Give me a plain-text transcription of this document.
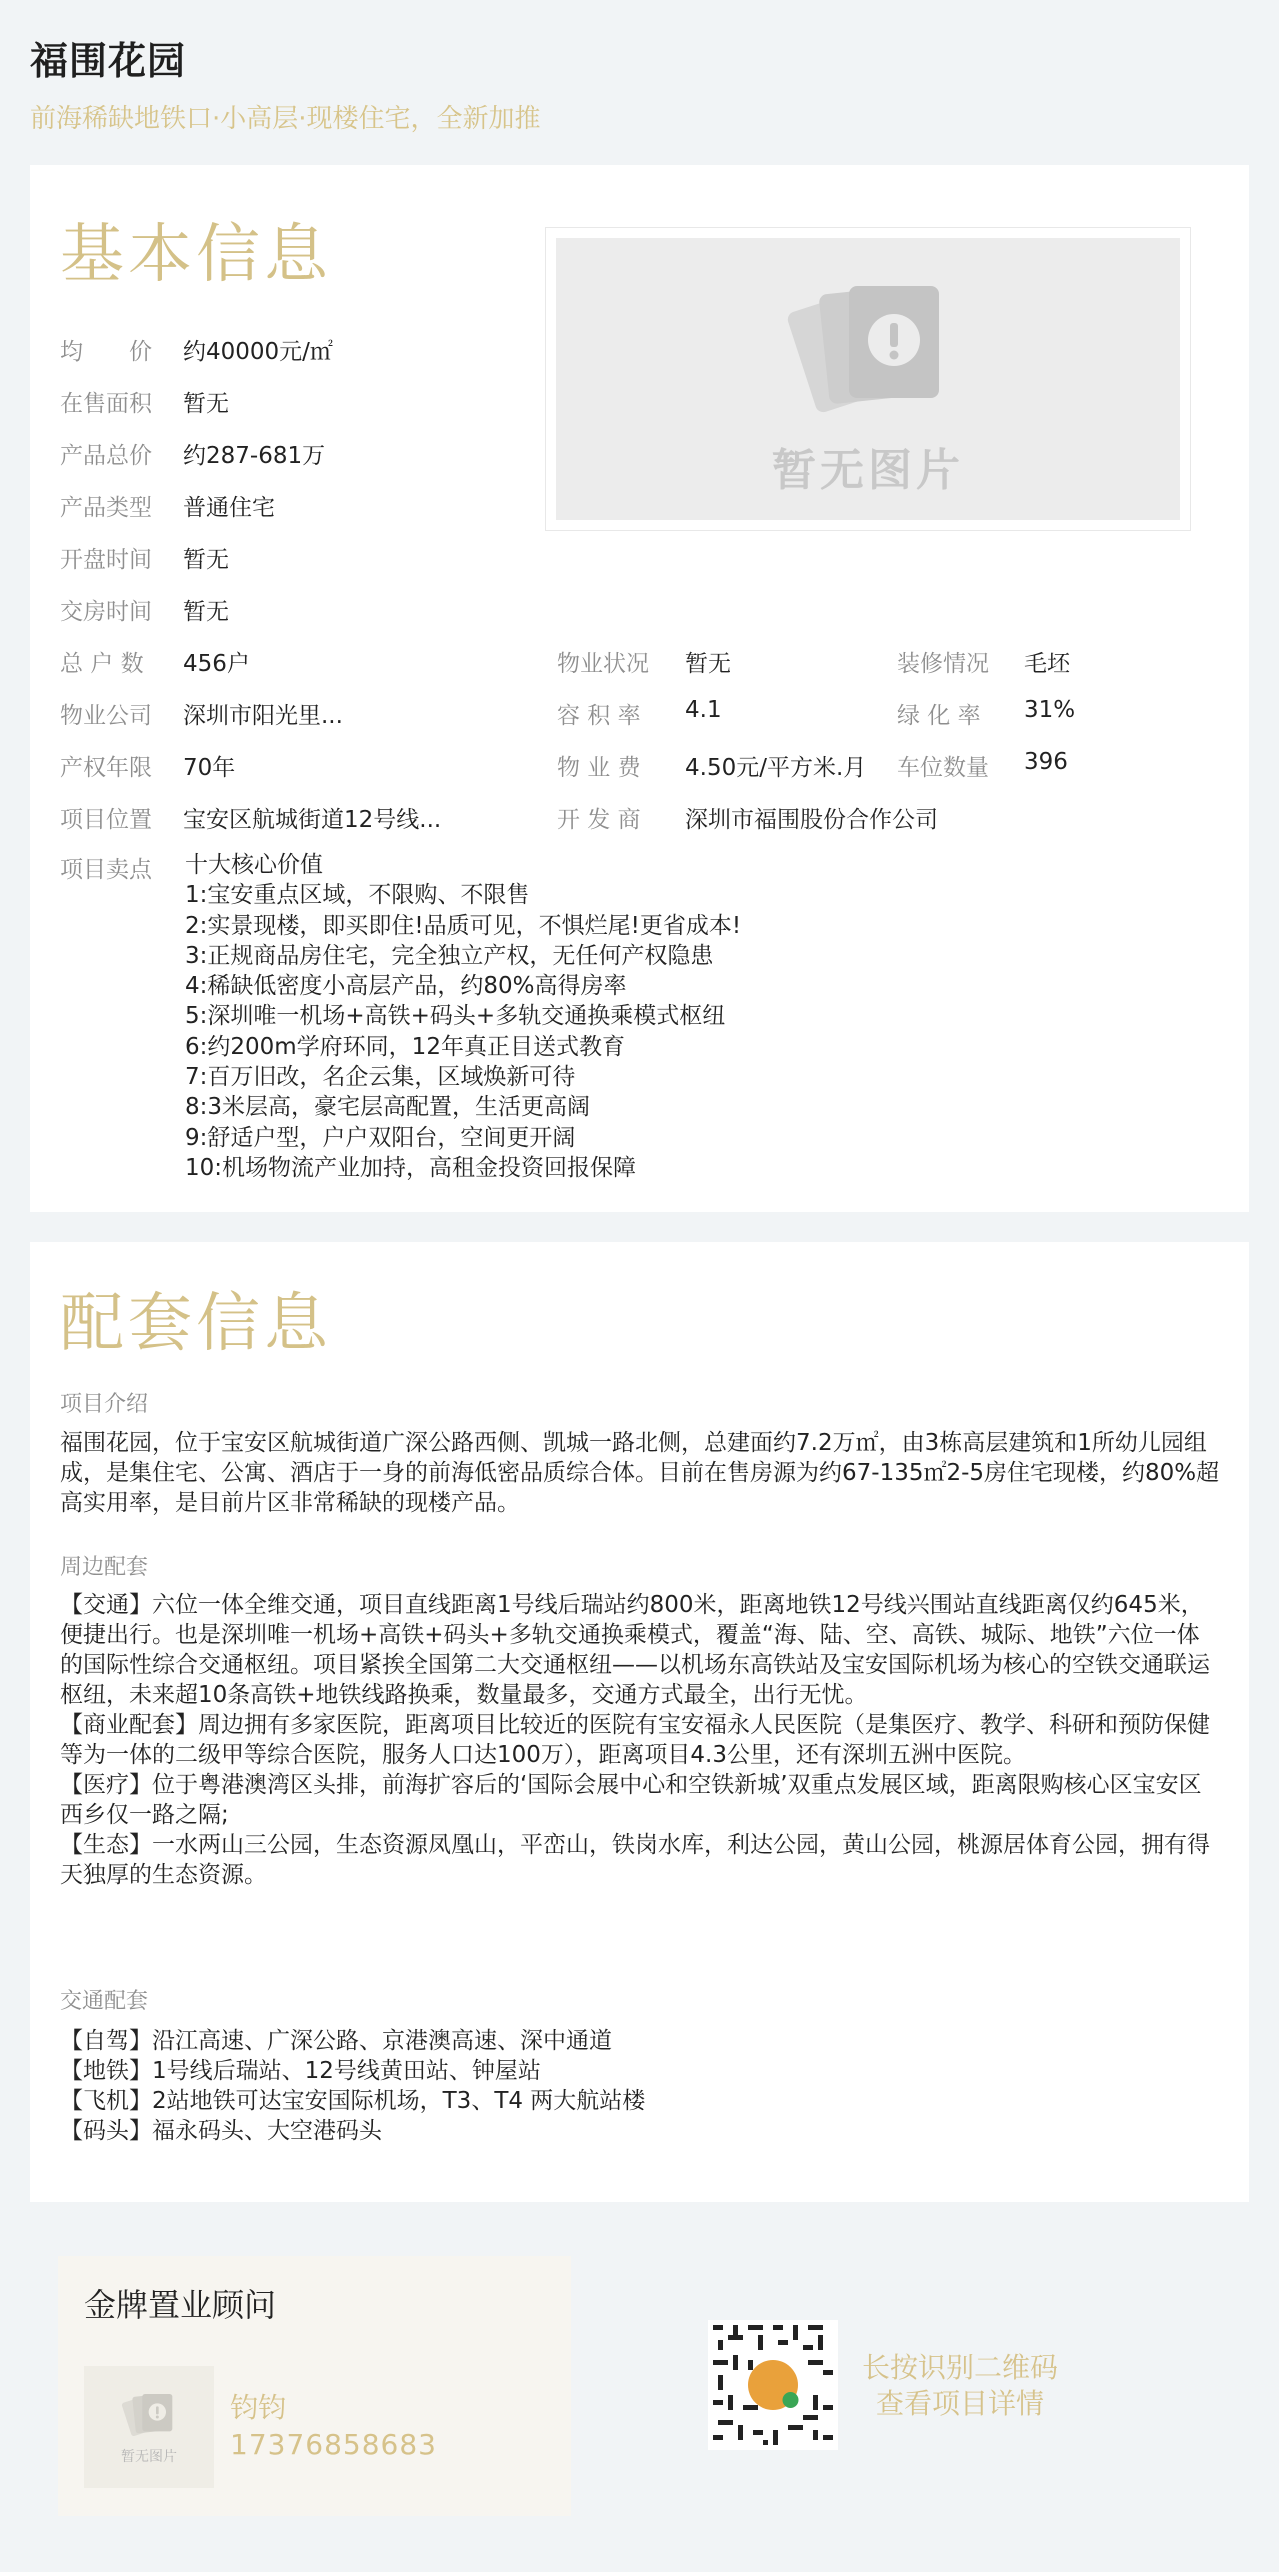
福围花园
前海稀缺地铁口·小高层·现楼住宅，全新加推
基本信息
暂无图片
均　　价 约40000元/㎡
在售面积 暂无
产品总价 约287-681万
产品类型 普通住宅
开盘时间 暂无
交房时间 暂无
总 户 数 456户	物业状况 暂无	装修情况 毛坯
物业公司 深圳市阳光里...	容 积 率 4.1	绿 化 率 31%
产权年限 70年	物 业 费 4.50元/平方米.月 车位数量 396
项目位置 宝安区航城街道12号线...	开 发 商 深圳市福围股份合作公司
项目卖点 十大核心价值
1:宝安重点区域，不限购、不限售
2:实景现楼，即买即住!品质可见，不惧烂尾!更省成本!
3:正规商品房住宅，完全独立产权，无任何产权隐患
4:稀缺低密度小高层产品，约80%高得房率
5:深圳唯一机场+高铁+码头+多轨交通换乘模式枢纽
6:约200m学府环同，12年真正目送式教育
7:百万旧改，名企云集，区域焕新可待
8:3米层高，豪宅层高配置，生活更高阔
9:舒适户型，户户双阳台，空间更开阔
10:机场物流产业加持，高租金投资回报保障
配套信息
项目介绍

福围花园，位于宝安区航城街道广深公路西侧、凯城一路北侧，总建面约7.2万㎡，由3栋高层建筑和1所幼儿园组成，是集住宅、公寓、酒店于一身的前海低密品质综合体。目前在售房源为约67-135㎡2-5房住宅现楼，约80%超高实用率，是目前片区非常稀缺的现楼产品。

周边配套

【交通】六位一体全维交通，项目直线距离1号线后瑞站约800米，距离地铁12号线兴围站直线距离仅约645米，便捷出行。也是深圳唯一机场+高铁+码头+多轨交通换乘模式，覆盖“海、陆、空、高铁、城际、地铁”六位一体的国际性综合交通枢纽。项目紧挨全国第二大交通枢纽——以机场东高铁站及宝安国际机场为核心的空铁交通联运枢纽，未来超10条高铁+地铁线路换乘，数量最多，交通方式最全，出行无忧。

【商业配套】周边拥有多家医院，距离项目比较近的医院有宝安福永人民医院（是集医疗、教学、科研和预防保健等为一体的二级甲等综合医院，服务人口达100万），距离项目4.3公里，还有深圳五洲中医院。

【医疗】位于粤港澳湾区头排，前海扩容后的‘国际会展中心和空铁新城’双重点发展区域，距离限购核心区宝安区西乡仅一路之隔;

【生态】一水两山三公园，生态资源凤凰山，平峦山，铁岗水库，利达公园，黄山公园，桃源居体育公园，拥有得天独厚的生态资源。

交通配套

【自驾】沿江高速、广深公路、京港澳高速、深中通道

【地铁】1号线后瑞站、12号线黄田站、钟屋站

【飞机】2站地铁可达宝安国际机场，T3、T4 两大航站楼

【码头】福永码头、大空港码头

金牌置业顾问
暂无图片
钧钧
17376858683
长按识别二维码
查看项目详情
